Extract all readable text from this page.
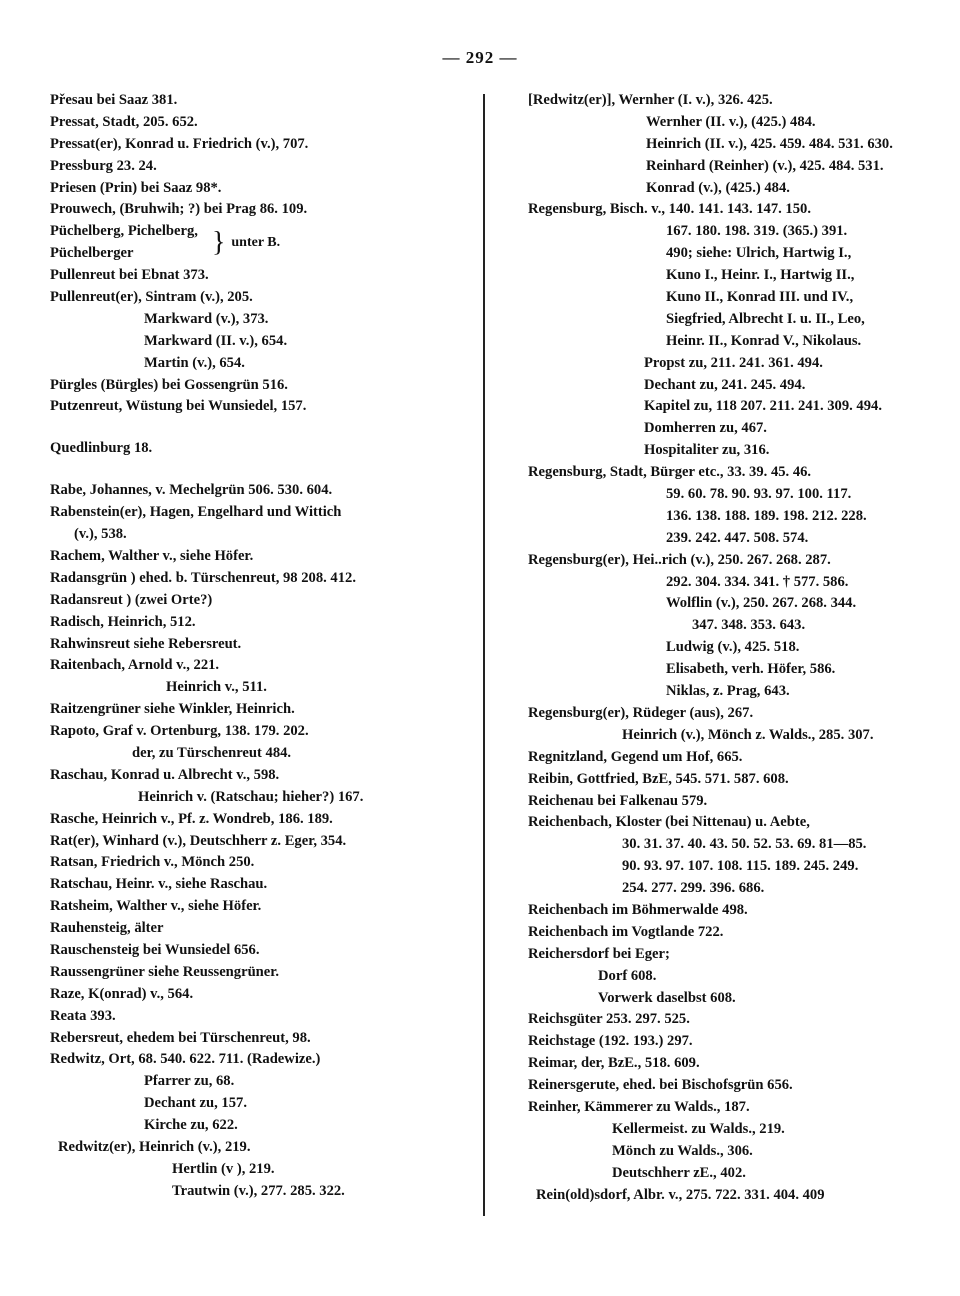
— 292 —
Přesau bei Saaz 381.
Pressat, Stadt, 205. 652.
Pressat(er), Konrad u. Friedrich (v.), 707.
Pressburg 23. 24.
Priesen (Prin) bei Saaz 98*.
Prouwech, (Bruhwih; ?) bei Prag 86. 109.
Püchelberg, Pichelberg,
Püchelberger	} unter B.
Pullenreut bei Ebnat 373.
Pullenreut(er), Sintram (v.), 205.
Markward (v.), 373.
Markward (II. v.), 654.
Martin (v.), 654.
Pürgles (Bürgles) bei Gossengrün 516.
Putzenreut, Wüstung bei Wunsiedel, 157.
Quedlinburg 18.
Rabe, Johannes, v. Mechelgrün 506. 530. 604.
Rabenstein(er), Hagen, Engelhard und Wittich
(v.), 538.
Rachem, Walther v., siehe Höfer.
Radansgrün ) ehed. b. Türschenreut, 98 208. 412.
Radansreut ) (zwei Orte?)
Radisch, Heinrich, 512.
Rahwinsreut siehe Rebersreut.
Raitenbach, Arnold v., 221.
Heinrich v., 511.
Raitzengrüner siehe Winkler, Heinrich.
Rapoto, Graf v. Ortenburg, 138. 179. 202.
der, zu Türschenreut 484.
Raschau, Konrad u. Albrecht v., 598.
Heinrich v. (Ratschau; hieher?) 167.
Rasche, Heinrich v., Pf. z. Wondreb, 186. 189.
Rat(er), Winhard (v.), Deutschherr z. Eger, 354.
Ratsan, Friedrich v., Mönch 250.
Ratschau, Heinr. v., siehe Raschau.
Ratsheim, Walther v., siehe Höfer.
Rauhensteig, älter
Rauschensteig bei Wunsiedel 656.
Raussengrüner siehe Reussengrüner.
Raze, K(onrad) v., 564.
Reata 393.
Rebersreut, ehedem bei Türschenreut, 98.
Redwitz, Ort, 68. 540. 622. 711. (Radewize.)
Pfarrer zu, 68.
Dechant zu, 157.
Kirche zu, 622.
Redwitz(er), Heinrich (v.), 219.
Hertlin (v ), 219.
Trautwin (v.), 277. 285. 322.
[Redwitz(er)], Wernher (I. v.), 326. 425.
Wernher (II. v.), (425.) 484.
Heinrich (II. v.), 425. 459. 484. 531. 630.
Reinhard (Reinher) (v.), 425. 484. 531.
Konrad (v.), (425.) 484.
Regensburg, Bisch. v., 140. 141. 143. 147. 150.
167. 180. 198. 319. (365.) 391.
490; siehe: Ulrich, Hartwig I.,
Kuno I., Heinr. I., Hartwig II.,
Kuno II., Konrad III. und IV.,
Siegfried, Albrecht I. u. II., Leo,
Heinr. II., Konrad V., Nikolaus.
Propst zu, 211. 241. 361. 494.
Dechant zu, 241. 245. 494.
Kapitel zu, 118 207. 211. 241. 309. 494.
Domherren zu, 467.
Hospitaliter zu, 316.
Regensburg, Stadt, Bürger etc., 33. 39. 45. 46.
59. 60. 78. 90. 93. 97. 100. 117.
136. 138. 188. 189. 198. 212. 228.
239. 242. 447. 508. 574.
Regensburg(er), Hei..rich (v.), 250. 267. 268. 287.
292. 304. 334. 341. † 577. 586.
Wolflin (v.), 250. 267. 268. 344.
347. 348. 353. 643.
Ludwig (v.), 425. 518.
Elisabeth, verh. Höfer, 586.
Niklas, z. Prag, 643.
Regensburg(er), Rüdeger (aus), 267.
Heinrich (v.), Mönch z. Walds., 285. 307.
Regnitzland, Gegend um Hof, 665.
Reibin, Gottfried, BzE, 545. 571. 587. 608.
Reichenau bei Falkenau 579.
Reichenbach, Kloster (bei Nittenau) u. Aebte,
30. 31. 37. 40. 43. 50. 52. 53. 69. 81—85.
90. 93. 97. 107. 108. 115. 189. 245. 249.
254. 277. 299. 396. 686.
Reichenbach im Böhmerwalde 498.
Reichenbach im Vogtlande 722.
Reichersdorf bei Eger;
Dorf 608.
Vorwerk daselbst 608.
Reichsgüter 253. 297. 525.
Reichstage (192. 193.) 297.
Reimar, der, BzE., 518. 609.
Reinersgerute, ehed. bei Bischofsgrün 656.
Reinher, Kämmerer zu Walds., 187.
Kellermeist. zu Walds., 219.
Mönch zu Walds., 306.
Deutschherr zE., 402.
Rein(old)sdorf, Albr. v., 275. 722. 331. 404. 409
